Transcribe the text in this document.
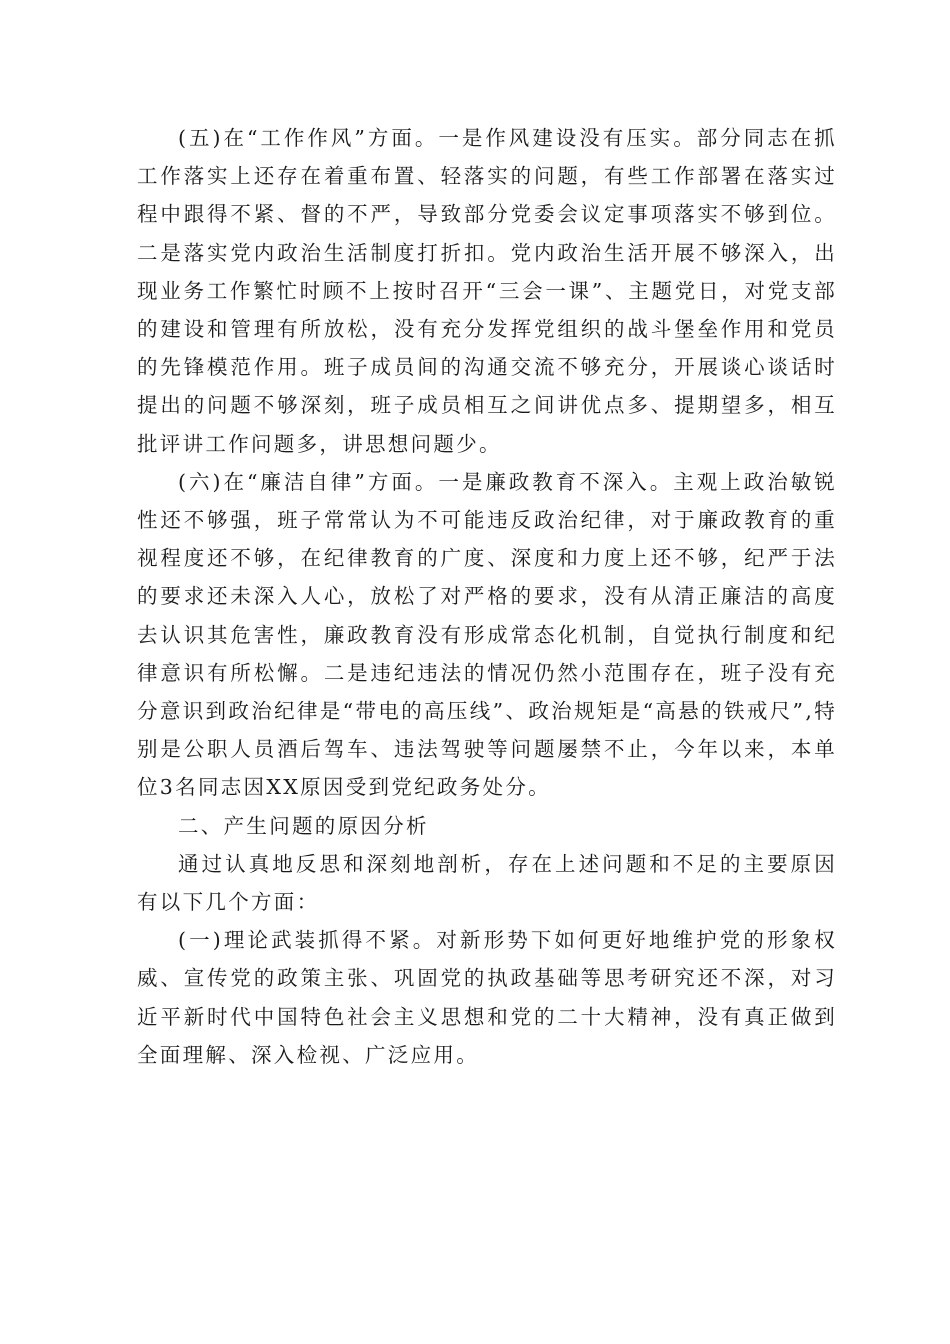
(五)在“工作作风”方面。一是作风建设没有压实。部分同志在抓工作落实上还存在着重布置、轻落实的问题，有些工作部署在落实过程中跟得不紧、督的不严，导致部分党委会议定事项落实不够到位。二是落实党内政治生活制度打折扣。党内政治生活开展不够深入，出现业务工作繁忙时顾不上按时召开“三会一课”、主题党日，对党支部的建设和管理有所放松，没有充分发挥党组织的战斗堡垒作用和党员的先锋模范作用。班子成员间的沟通交流不够充分，开展谈心谈话时提出的问题不够深刻，班子成员相互之间讲优点多、提期望多，相互批评讲工作问题多，讲思想问题少。

(六)在“廉洁自律”方面。一是廉政教育不深入。主观上政治敏锐性还不够强，班子常常认为不可能违反政治纪律，对于廉政教育的重视程度还不够，在纪律教育的广度、深度和力度上还不够，纪严于法的要求还未深入人心，放松了对严格的要求，没有从清正廉洁的高度去认识其危害性，廉政教育没有形成常态化机制，自觉执行制度和纪律意识有所松懈。二是违纪违法的情况仍然小范围存在，班子没有充分意识到政治纪律是“带电的高压线”、政治规矩是“高悬的铁戒尺”,特别是公职人员酒后驾车、违法驾驶等问题屡禁不止，今年以来，本单位3名同志因XX原因受到党纪政务处分。

二、产生问题的原因分析

通过认真地反思和深刻地剖析，存在上述问题和不足的主要原因有以下几个方面：

(一)理论武装抓得不紧。对新形势下如何更好地维护党的形象权威、宣传党的政策主张、巩固党的执政基础等思考研究还不深，对习近平新时代中国特色社会主义思想和党的二十大精神，没有真正做到全面理解、深入检视、广泛应用。
